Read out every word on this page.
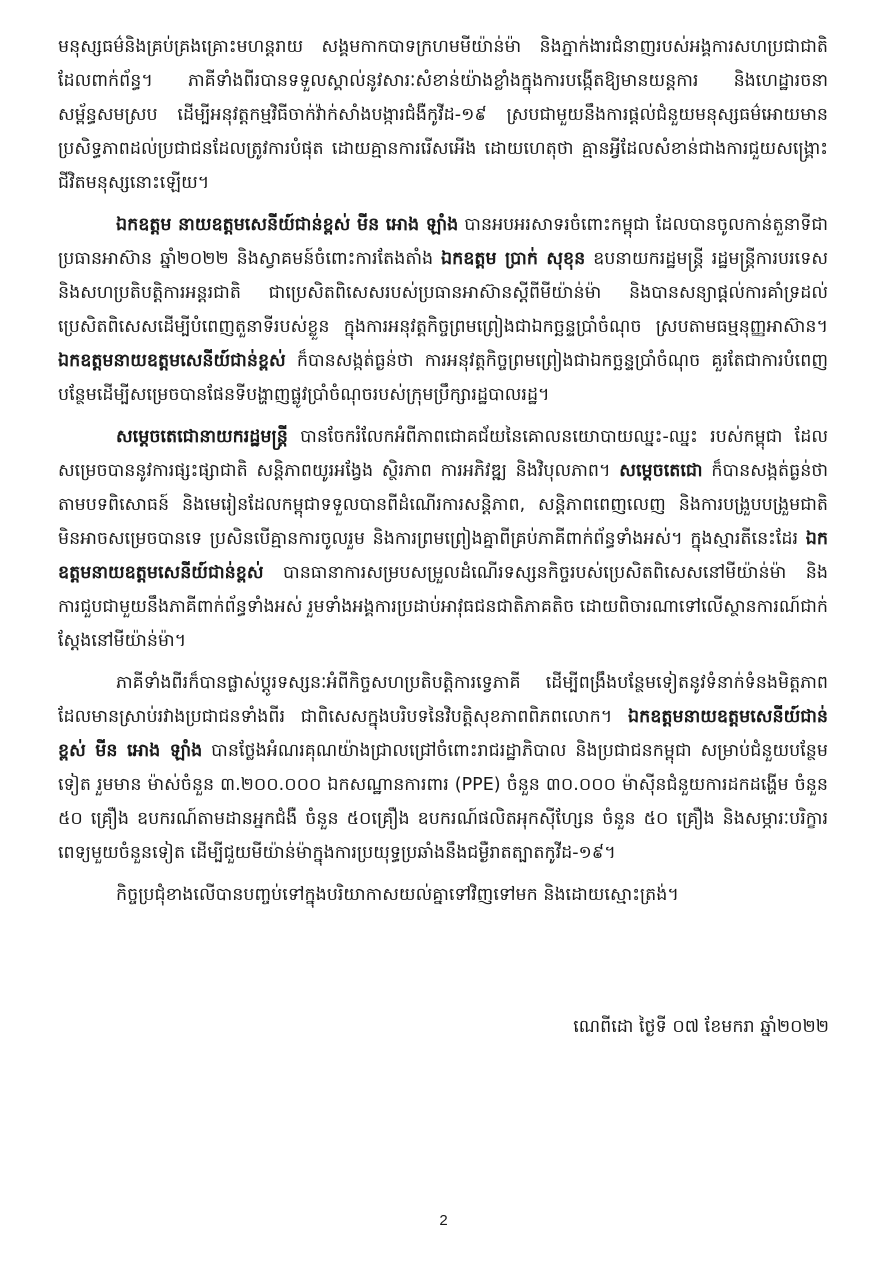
មនុស្សធម៌និងគ្រប់គ្រងគ្រោះមហន្តរាយ សង្គមកាកបាទក្រហមមីយ៉ាន់ម៉ា និងភ្នាក់ងារជំនាញរបស់អង្គការសហប្រជាជាតិដែលពាក់ព័ន្ធ។ ភាគីទាំងពីរបានទទួលស្គាល់នូវសារៈសំខាន់យ៉ាងខ្លាំងក្នុងការបង្កើតឱ្យមានយន្តការ និងហេដ្ឋារចនាសម្ព័ន្ធសមស្រប ដើម្បីអនុវត្តកម្មវិធីចាក់វ៉ាក់សាំងបង្ការជំងឺកូវីដ-១៩ ស្របជាមួយនឹងការផ្តល់ជំនួយមនុស្សធម៌អោយមានប្រសិទ្ធភាពដល់ប្រជាជនដែលត្រូវការបំផុត ដោយគ្មានការរើសអើង ដោយហេតុថា គ្មានអ្វីដែលសំខាន់ជាងការជួយសង្គ្រោះជីវិតមនុស្សនោះឡើយ។

ឯកឧត្តម នាយឧត្តមសេនីយ៍ជាន់ខ្ពស់ មីន អោង ឡាំង បានអបអរសាទរចំពោះកម្ពុជា ដែលបានចូលកាន់តួនាទីជាប្រធានអាស៊ាន ឆ្នាំ២០២២ និងស្វាគមន៍ចំពោះការតែងតាំង ឯកឧត្តម ប្រាក់ សុខុន ឧបនាយករដ្ឋមន្ត្រី រដ្ឋមន្ត្រីការបរទេស និងសហប្រតិបត្តិការអន្តរជាតិ ជាប្រេសិតពិសេសរបស់ប្រធានអាស៊ានស្តីពីមីយ៉ាន់ម៉ា និងបានសន្យាផ្តល់ការគាំទ្រដល់ប្រេសិតពិសេសដើម្បីបំពេញតួនាទីរបស់ខ្លួន ក្នុងការអនុវត្តកិច្ចព្រមព្រៀងជាឯកច្ឆន្ទប្រាំចំណុច ស្របតាមធម្មនុញ្ញអាស៊ាន។ ឯកឧត្តមនាយឧត្តមសេនីយ៍ជាន់ខ្ពស់ ក៏បានសង្កត់ធ្ងន់ថា ការអនុវត្តកិច្ចព្រមព្រៀងជាឯកច្ឆន្ទប្រាំចំណុច គួរតែជាការបំពេញបន្ថែមដើម្បីសម្រេចបានផែនទីបង្ហាញផ្លូវប្រាំចំណុចរបស់ក្រុមប្រឹក្សារដ្ឋបាលរដ្ឋ។

សម្តេចតេជោនាយករដ្ឋមន្ត្រី បានចែករំលែកអំពីភាពជោគជ័យនៃគោលនយោបាយឈ្នះ-ឈ្នះ របស់កម្ពុជា ដែលសម្រេចបាននូវការផ្សះផ្សាជាតិ សន្តិភាពយូរអង្វែង ស្ថិរភាព ការអភិវឌ្ឍ និងវិបុលភាព។ សម្តេចតេជោ ក៏បានសង្កត់ធ្ងន់ថា តាមបទពិសោធន៍ និងមេរៀនដែលកម្ពុជាទទួលបានពីដំណើរការសន្តិភាព, សន្តិភាពពេញលេញ និងការបង្រួបបង្រួមជាតិមិនអាចសម្រេចបានទេ ប្រសិនបើគ្មានការចូលរួម និងការព្រមព្រៀងគ្នាពីគ្រប់ភាគីពាក់ព័ន្ធទាំងអស់។ ក្នុងស្មារតីនេះដែរ ឯកឧត្តមនាយឧត្តមសេនីយ៍ជាន់ខ្ពស់ បានធានាការសម្របសម្រួលដំណើរទស្សនកិច្ចរបស់ប្រេសិតពិសេសនៅមីយ៉ាន់ម៉ា និងការជួបជាមួយនឹងភាគីពាក់ព័ន្ធទាំងអស់ រួមទាំងអង្គការប្រដាប់អាវុធជនជាតិភាគតិច ដោយពិចារណាទៅលើស្ថានការណ៍ជាក់ស្តែងនៅមីយ៉ាន់ម៉ា។

ភាគីទាំងពីរក៏បានផ្លាស់ប្តូរទស្សនៈអំពីកិច្ចសហប្រតិបត្តិការទ្វេភាគី ដើម្បីពង្រឹងបន្ថែមទៀតនូវទំនាក់ទំនងមិត្តភាពដែលមានស្រាប់រវាងប្រជាជនទាំងពីរ ជាពិសេសក្នុងបរិបទនៃវិបត្តិសុខភាពពិភពលោក។ ឯកឧត្តមនាយឧត្តមសេនីយ៍ជាន់ខ្ពស់ មីន អោង ឡាំង បានថ្លែងអំណរគុណយ៉ាងជ្រាលជ្រៅចំពោះរាជរដ្ឋាភិបាល និងប្រជាជនកម្ពុជា សម្រាប់ជំនួយបន្ថែមទៀត រួមមាន ម៉ាស់ចំនួន ៣.២០០.០០០ ឯកសណ្ឋានការពារ (PPE) ចំនួន ៣០.០០០ ម៉ាស៊ីនជំនួយការដកដង្ហើម ចំនួន ៥០ គ្រឿង ឧបករណ៍តាមដានអ្នកជំងឺ ចំនួន ៥០គ្រឿង ឧបករណ៍ផលិតអុកស៊ីហ្សែន ចំនួន ៥០ គ្រឿង និងសម្ភារៈបរិក្ខារពេទ្យមួយចំនួនទៀត ដើម្បីជួយមីយ៉ាន់ម៉ាក្នុងការប្រយុទ្ធប្រឆាំងនឹងជម្ងឺរាតត្បាតកូវីដ-១៩។

កិច្ចប្រជុំខាងលើបានបញ្ចប់ទៅក្នុងបរិយាកាសយល់គ្នាទៅវិញទៅមក និងដោយស្មោះត្រង់។

ណេពីដោ ថ្ងៃទី ០៧ ខែមករា ឆ្នាំ២០២២
2
